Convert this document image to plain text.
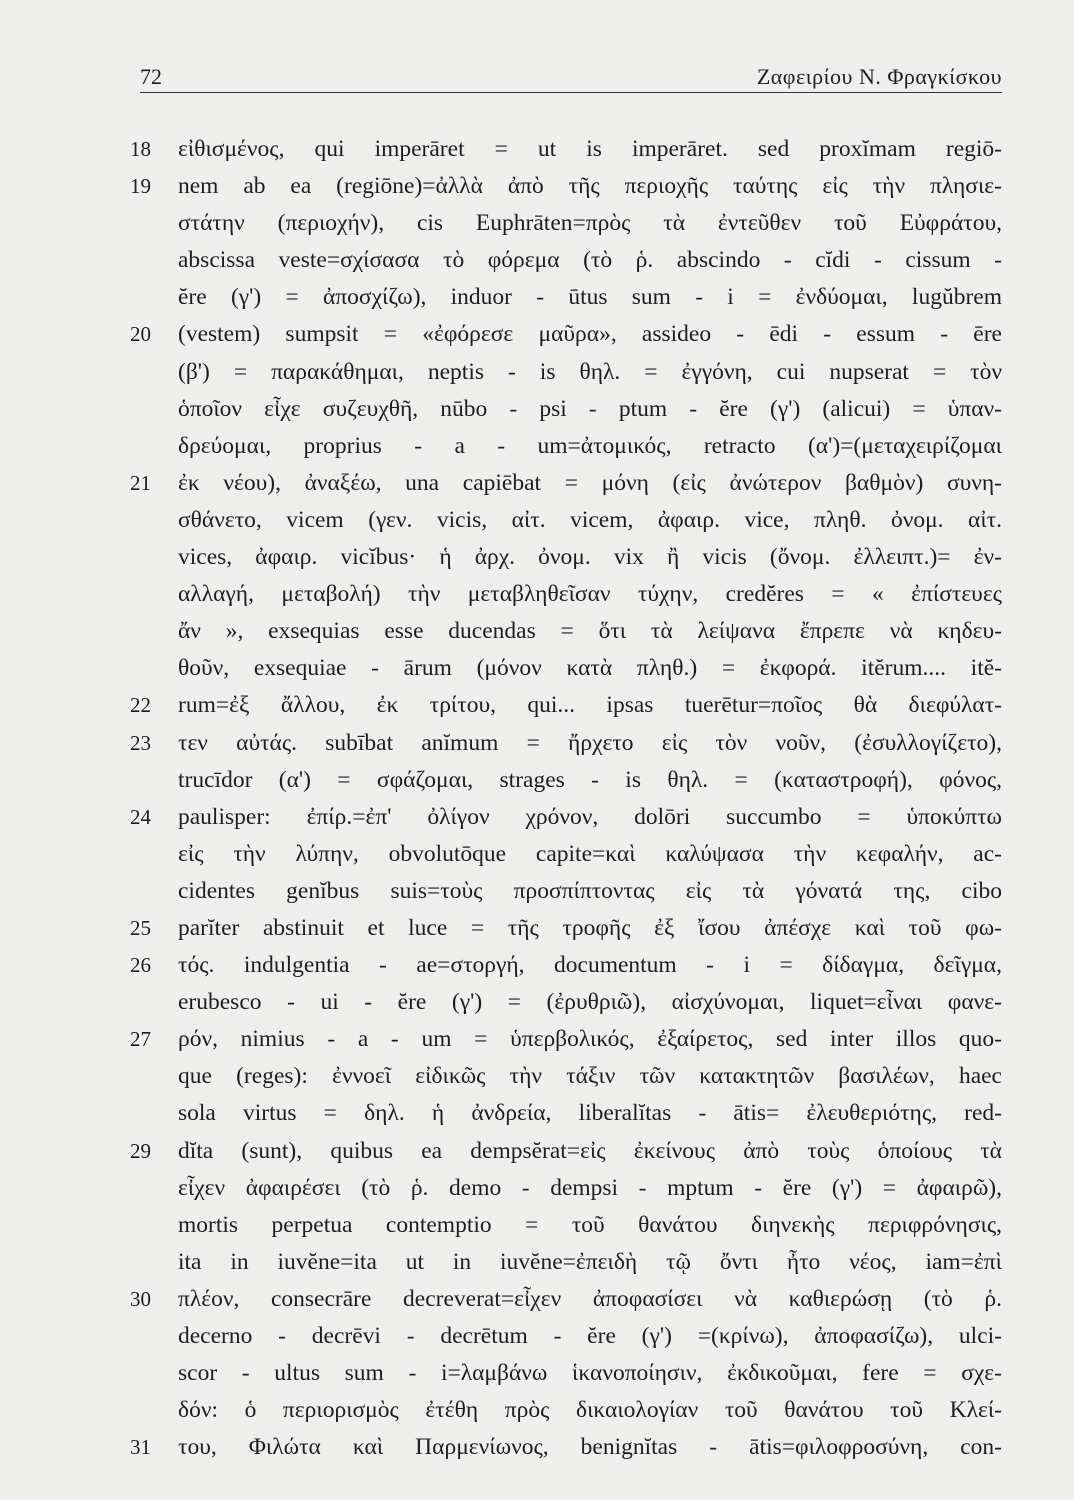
72	Ζαφειρίου Ν. Φραγκίσκου
18	εἰθισμένος, qui imperāret = ut is imperāret. sed proxĭmam regiō-
19	nem ab ea (regiōne)=ἀλλὰ ἀπὸ τῆς περιοχῆς ταύτης εἰς τὴν πλησιε-
στάτην (περιοχήν), cis Euphrāten=πρὸς τὰ ἐντεῦθεν τοῦ Εὐφράτου,
abscissa veste=σχίσασα τὸ φόρεμα (τὸ ῥ. abscindo - cĭdi - cissum -
ĕre (γ') = ἀποσχίζω), induor - ūtus sum - i = ἐνδύομαι, lugŭbrem
20	(vestem) sumpsit = «ἐφόρεσε μαῦρα», assideo - ēdi - essum - ēre
(β') = παρακάθημαι, neptis - is θηλ. = ἐγγόνη, cui nupserat = τὸν
ὁποῖον εἶχε συζευχθῆ, nūbo - psi - ptum - ĕre (γ') (alicui) = ὑπαν-
δρεύομαι, proprius - a - um=ἀτομικός, retracto (α')=(μεταχειρίζομαι
21	ἐκ νέου), ἀναξέω, una capiēbat = μόνη (εἰς ἀνώτερον βαθμὸν) συνη-
σθάνετο, vicem (γεν. vicis, αἰτ. vicem, ἀφαιρ. vice, πληθ. ὀνομ. αἰτ.
vices, ἀφαιρ. vicĭbus· ἡ ἀρχ. ὀνομ. vix ἢ vicis (ὄνομ. ἐλλειπτ.)= ἐν-
αλλαγή, μεταβολή) τὴν μεταβληθεῖσαν τύχην, credĕres = « ἐπίστευες
ἄν », exsequias esse ducendas = ὅτι τὰ λείψανα ἔπρεπε νὰ κηδευ-
θοῦν, exsequiae - ārum (μόνον κατὰ πληθ.) = ἐκφορά. itĕrum.... itĕ-
22	rum=ἐξ ἄλλου, ἐκ τρίτου, qui... ipsas tuerētur=ποῖος θὰ διεφύλατ-
23	τεν αὐτάς. subībat anĭmum = ἤρχετο εἰς τὸν νοῦν, (ἐσυλλογίζετο),
trucīdor (α') = σφάζομαι, strages - is θηλ. = (καταστροφή), φόνος,
24	paulisper: ἐπίρ.=ἐπ' ὀλίγον χρόνον, dolōri succumbo = ὑποκύπτω
εἰς τὴν λύπην, obvolutōque capite=καὶ καλύψασα τὴν κεφαλήν, ac-
cidentes genĭbus suis=τοὺς προσπίπτοντας εἰς τὰ γόνατά της, cibo
25	parĭter abstinuit et luce = τῆς τροφῆς ἐξ ἴσου ἀπέσχε καὶ τοῦ φω-
26	τός. indulgentia - ae=στοργή, documentum - i = δίδαγμα, δεῖγμα,
erubesco - ui - ĕre (γ') = (ἐρυθριῶ), αἰσχύνομαι, liquet=εἶναι φανε-
27	ρόν, nimius - a - um = ὑπερβολικός, ἐξαίρετος, sed inter illos quo-
que (reges): ἐννοεῖ εἰδικῶς τὴν τάξιν τῶν κατακτητῶν βασιλέων, haec
sola virtus = δηλ. ἡ ἀνδρεία, liberalĭtas - ātis= ἐλευθεριότης, red-
29	dĭta (sunt), quibus ea dempsĕrat=εἰς ἐκείνους ἀπὸ τοὺς ὁποίους τὰ
εἶχεν ἀφαιρέσει (τὸ ῥ. demo - dempsi - mptum - ĕre (γ') = ἀφαιρῶ),
mortis perpetua contemptio = τοῦ θανάτου διηνεκὴς περιφρόνησις,
ita in iuvĕne=ita ut in iuvĕne=ἐπειδὴ τῷ ὄντι ἦτο νέος, iam=ἐπὶ
30	πλέον, consecrāre decreverat=εἶχεν ἀποφασίσει νὰ καθιερώσῃ (τὸ ῥ.
decerno - decrēvi - decrētum - ĕre (γ') =(κρίνω), ἀποφασίζω), ulci-
scor - ultus sum - i=λαμβάνω ἱκανοποίησιν, ἐκδικοῦμαι, fere = σχε-
δόν: ὁ περιορισμὸς ἐτέθη πρὸς δικαιολογίαν τοῦ θανάτου τοῦ Κλεί-
31	του, Φιλώτα καὶ Παρμενίωνος, benignĭtas - ātis=φιλοφροσύνη, con-
